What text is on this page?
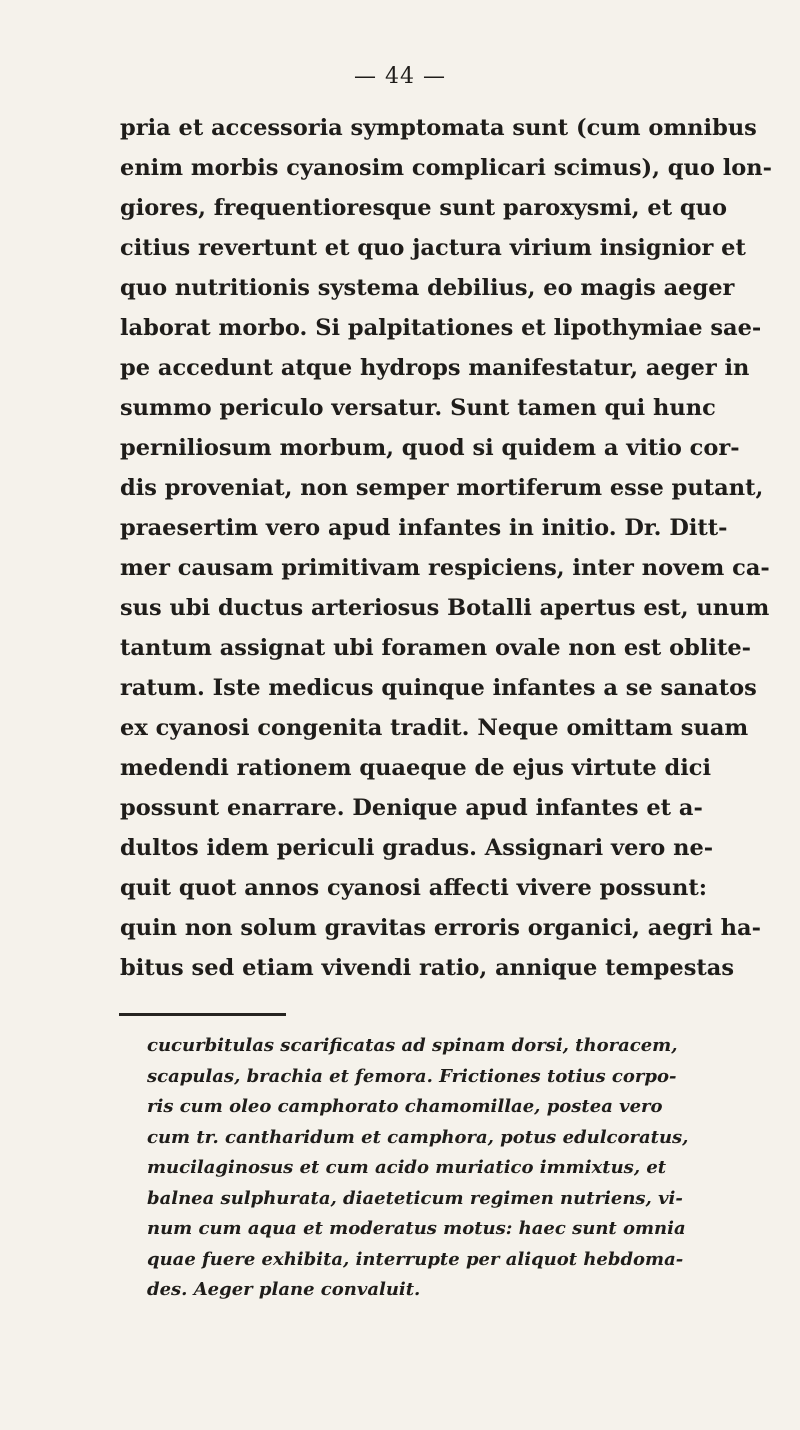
— 44 —
pria et accessoria symptomata sunt (cum omnibus
enim morbis cyanosim complicari scimus), quo lon-
giores, frequentioresque sunt paroxysmi, et quo
citius revertunt et quo jactura virium insignior et
quo nutritionis systema debilius, eo magis aeger
laborat morbo. Si palpitationes et lipothymiae sae-
pe accedunt atque hydrops manifestatur, aeger in
summo periculo versatur. Sunt tamen qui hunc
perniliosum morbum, quod si quidem a vitio cor-
dis proveniat, non semper mortiferum esse putant,
praesertim vero apud infantes in initio. Dr. Ditt-
mer causam primitivam respiciens, inter novem ca-
sus ubi ductus arteriosus Botalli apertus est, unum
tantum assignat ubi foramen ovale non est oblite-
ratum. Iste medicus quinque infantes a se sanatos
ex cyanosi congenita tradit. Neque omittam suam
medendi rationem quaeque de ejus virtute dici
possunt enarrare. Denique apud infantes et a-
dultos idem periculi gradus. Assignari vero ne-
quit quot annos cyanosi affecti vivere possunt:
quin non solum gravitas erroris organici, aegri ha-
bitus sed etiam vivendi ratio, annique tempestas
cucurbitulas scarificatas ad spinam dorsi, thoracem,
scapulas, brachia et femora. Frictiones totius corpo-
ris cum oleo camphorato chamomillae, postea vero
cum tr. cantharidum et camphora, potus edulcoratus,
mucilaginosus et cum acido muriatico immixtus, et
balnea sulphurata, diaeteticum regimen nutriens, vi-
num cum aqua et moderatus motus: haec sunt omnia
quae fuere exhibita, interrupte per aliquot hebdoma-
des. Aeger plane convaluit.
